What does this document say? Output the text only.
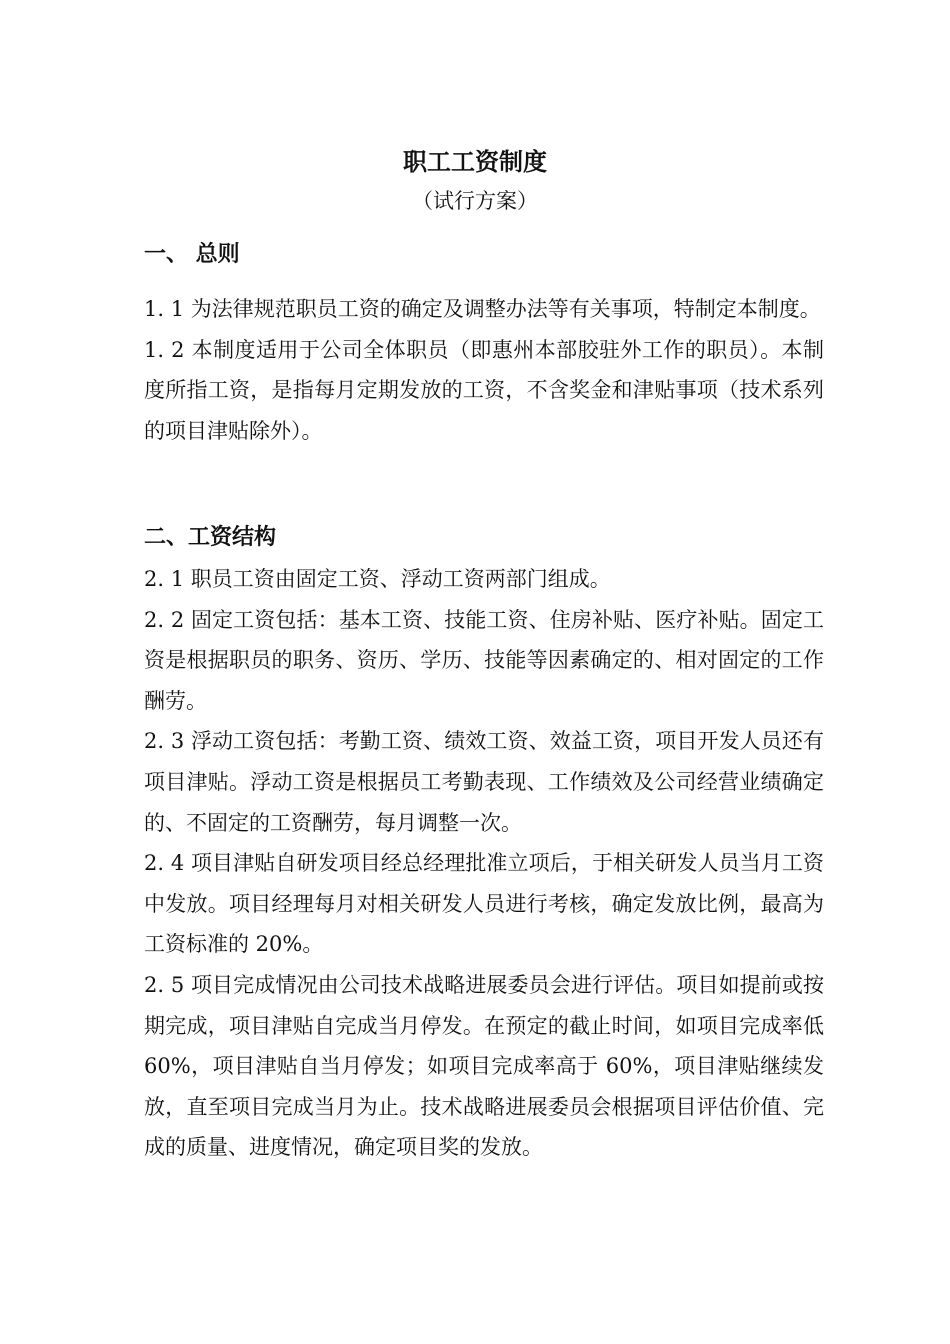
职工工资制度
（试行方案）
一、 总则

1. 1 为法律规范职员工资的确定及调整办法等有关事项，特制定本制度。

1. 2 本制度适用于公司全体职员（即惠州本部胶驻外工作的职员）。本制度所指工资，是指每月定期发放的工资，不含奖金和津贴事项（技术系列的项目津贴除外）。

二、工资结构

2. 1 职员工资由固定工资、浮动工资两部门组成。

2. 2 固定工资包括：基本工资、技能工资、住房补贴、医疗补贴。固定工资是根据职员的职务、资历、学历、技能等因素确定的、相对固定的工作酬劳。

2. 3 浮动工资包括：考勤工资、绩效工资、效益工资，项目开发人员还有项目津贴。浮动工资是根据员工考勤表现、工作绩效及公司经营业绩确定的、不固定的工资酬劳，每月调整一次。

2. 4 项目津贴自研发项目经总经理批准立项后，于相关研发人员当月工资中发放。项目经理每月对相关研发人员进行考核，确定发放比例，最高为工资标准的 20%。

2. 5 项目完成情况由公司技术战略进展委员会进行评估。项目如提前或按期完成，项目津贴自完成当月停发。在预定的截止时间，如项目完成率低 60%，项目津贴自当月停发；如项目完成率高于 60%，项目津贴继续发放，直至项目完成当月为止。技术战略进展委员会根据项目评估价值、完成的质量、进度情况，确定项目奖的发放。
